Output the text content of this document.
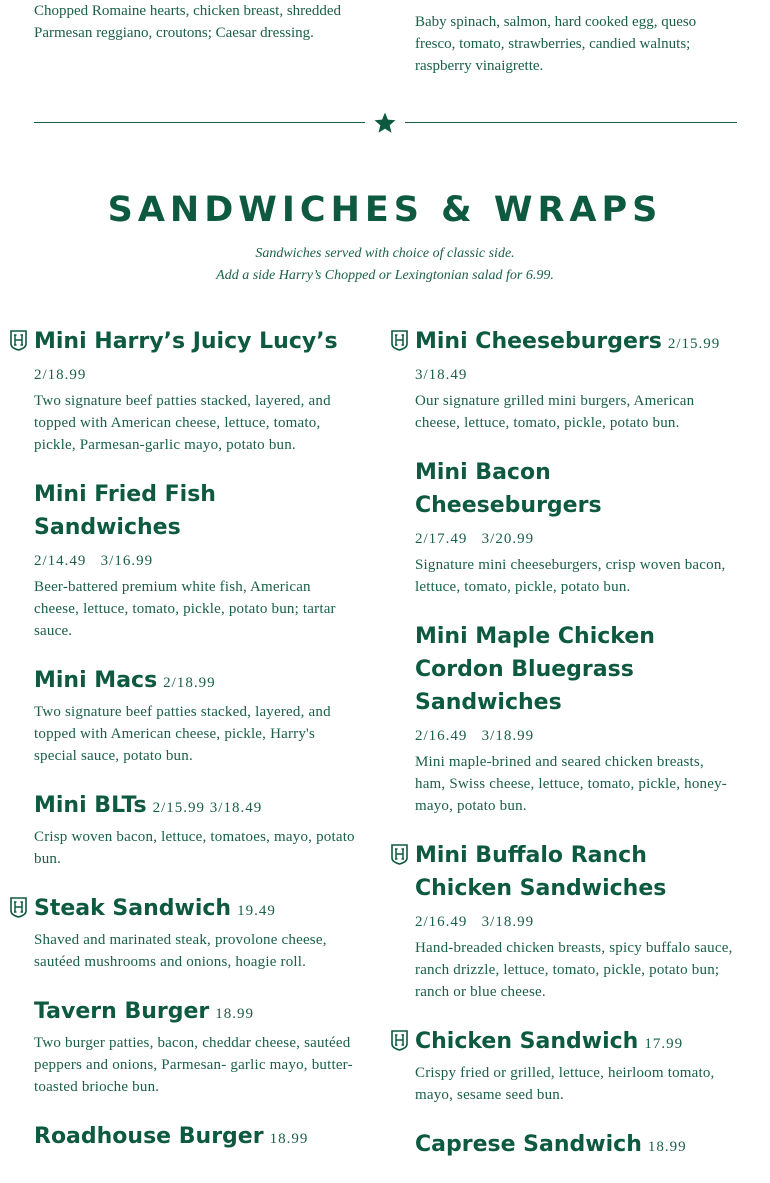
Chopped Romaine hearts, chicken breast, shredded Parmesan reggiano, croutons; Caesar dressing.

Baby spinach, salmon, hard cooked egg, queso fresco, tomato, strawberries, candied walnuts; raspberry vinaigrette.

SANDWICHES & WRAPS
Sandwiches served with choice of classic side.
Add a side Harry’s Chopped or Lexingtonian salad for 6.99.
Mini Harry’s Juicy Lucy’s
2/18.99
Two signature beef patties stacked, layered, and topped with American cheese, lettuce, tomato, pickle, Parmesan-garlic mayo, potato bun.
Mini Fried Fish Sandwiches
2/14.49   3/16.99
Beer-battered premium white fish, American cheese, lettuce, tomato, pickle, potato bun; tartar sauce.
Mini Macs 2/18.99
Two signature beef patties stacked, layered, and topped with American cheese, pickle, Harry's special sauce, potato bun.
Mini BLTs 2/15.99 3/18.49
Crisp woven bacon, lettuce, tomatoes, mayo, potato bun.
Steak Sandwich 19.49
Shaved and marinated steak, provolone cheese, sautéed mushrooms and onions, hoagie roll.
Tavern Burger 18.99
Two burger patties, bacon, cheddar cheese, sautéed peppers and onions, Parmesan- garlic mayo, butter-toasted brioche bun.
Roadhouse Burger 18.99
Mini Cheeseburgers 2/15.99
3/18.49
Our signature grilled mini burgers, American cheese, lettuce, tomato, pickle, potato bun.
Mini Bacon Cheeseburgers
2/17.49   3/20.99
Signature mini cheeseburgers, crisp woven bacon, lettuce, tomato, pickle, potato bun.
Mini Maple Chicken Cordon Bluegrass Sandwiches
2/16.49   3/18.99
Mini maple-brined and seared chicken breasts, ham, Swiss cheese, lettuce, tomato, pickle, honey-mayo, potato bun.
Mini Buffalo Ranch Chicken Sandwiches
2/16.49   3/18.99
Hand-breaded chicken breasts, spicy buffalo sauce, ranch drizzle, lettuce, tomato, pickle, potato bun; ranch or blue cheese.
Chicken Sandwich 17.99
Crispy fried or grilled, lettuce, heirloom tomato, mayo, sesame seed bun.
Caprese Sandwich 18.99
